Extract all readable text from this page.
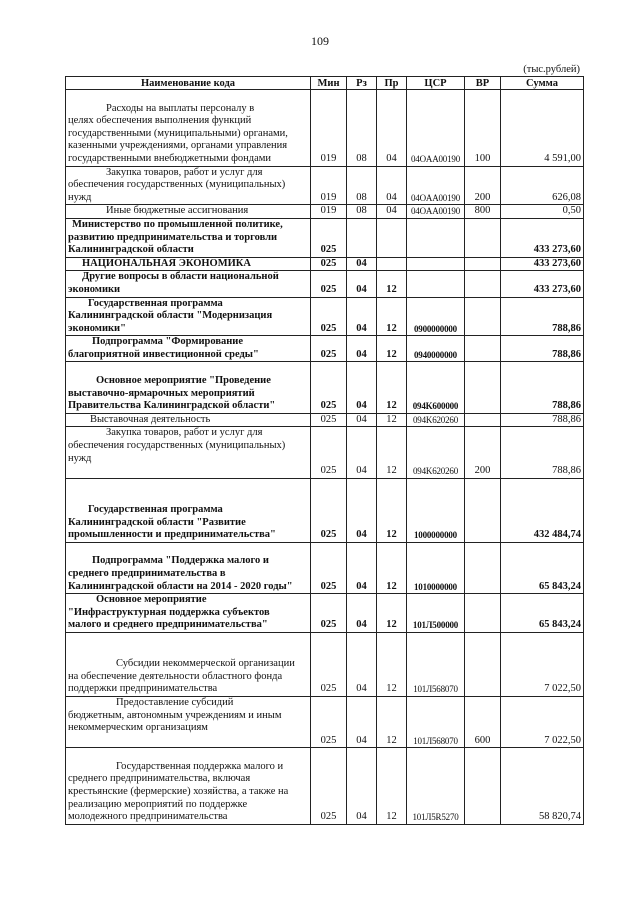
109
(тыс.рублей)
Наименование кода	Мин	Рз	Пр	ЦСР	ВР	Сумма

Расходы на выплаты персоналу в
целях обеспечения выполнения функций
государственными (муниципальными) органами,
казенными учреждениями, органами управления
государственными внебюджетными фондами	019	08	04	04OAA00190	100	4 591,00

Закупка товаров, работ и услуг для
обеспечения государственных (муниципальных)
нужд	019	08	04	04OAA00190	200	626,08

Иные бюджетные ассигнования	019	08	04	04OAA00190	800	0,50

Министерство по промышленной политике,
развитию предпринимательства и торговли
Калининградской области	025					433 273,60

НАЦИОНАЛЬНАЯ ЭКОНОМИКА	025	04				433 273,60

Другие вопросы в области национальной
экономики	025	04	12			433 273,60

Государственная программа
Калининградской области "Модернизация
экономики"	025	04	12	0900000000		788,86

Подпрограмма "Формирование
благоприятной инвестиционной среды"	025	04	12	0940000000		788,86

Основное мероприятие "Проведение
выставочно-ярмарочных мероприятий
Правительства Калининградской области"	025	04	12	094K600000		788,86

Выставочная деятельность	025	04	12	094K620260		788,86

Закупка товаров, работ и услуг для
обеспечения государственных (муниципальных)
нужд	025	04	12	094K620260	200	788,86

Государственная программа
Калининградской области "Развитие
промышленности и предпринимательства"	025	04	12	1000000000		432 484,74

Подпрограмма "Поддержка малого и
среднего предпринимательства в
Калининградской области на 2014 - 2020 годы"	025	04	12	1010000000		65 843,24

Основное мероприятие
"Инфраструктурная поддержка субъектов
малого и среднего предпринимательства"	025	04	12	101Л500000		65 843,24

Субсидии некоммерческой организации
на обеспечение деятельности областного фонда
поддержки предпринимательства	025	04	12	101Л568070		7 022,50

Предоставление субсидий
бюджетным, автономным учреждениям и иным
некоммерческим организациям	025	04	12	101Л568070	600	7 022,50

Государственная поддержка малого и
среднего предпринимательства, включая
крестьянские (фермерские) хозяйства, а также на
реализацию мероприятий по поддержке
молодежного предпринимательства	025	04	12	101Л5R5270		58 820,74
